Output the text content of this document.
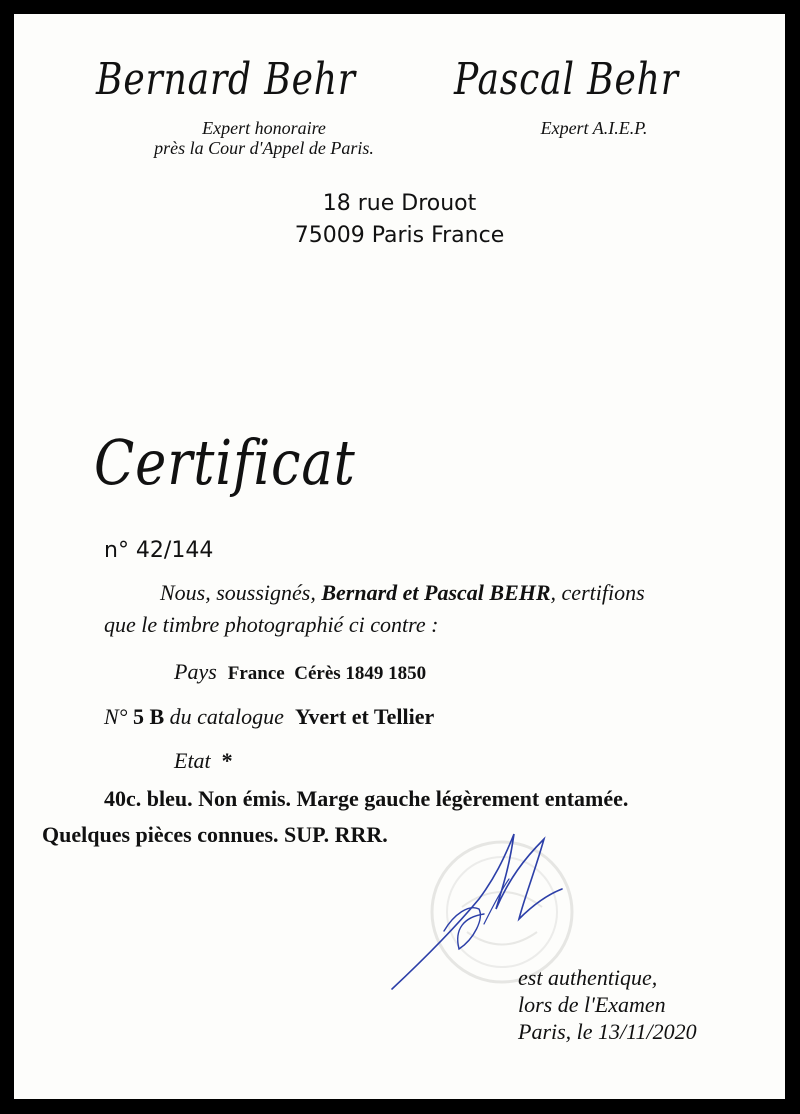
Bernard Behr Pascal Behr
Expert honoraire
près la Cour d'Appel de Paris.
Expert A.I.E.P.
18 rue Drouot
75009 Paris France
Certificat
n° 42/144
Nous, soussignés, Bernard et Pascal BEHR, certifions
que le timbre photographié ci contre :
Pays France  Cérès 1849 1850
N° 5 B du catalogue Yvert et Tellier
Etat *
40c. bleu. Non émis. Marge gauche légèrement entamée.
Quelques pièces connues. SUP. RRR.
est authentique,
lors de l'Examen
Paris, le 13/11/2020
